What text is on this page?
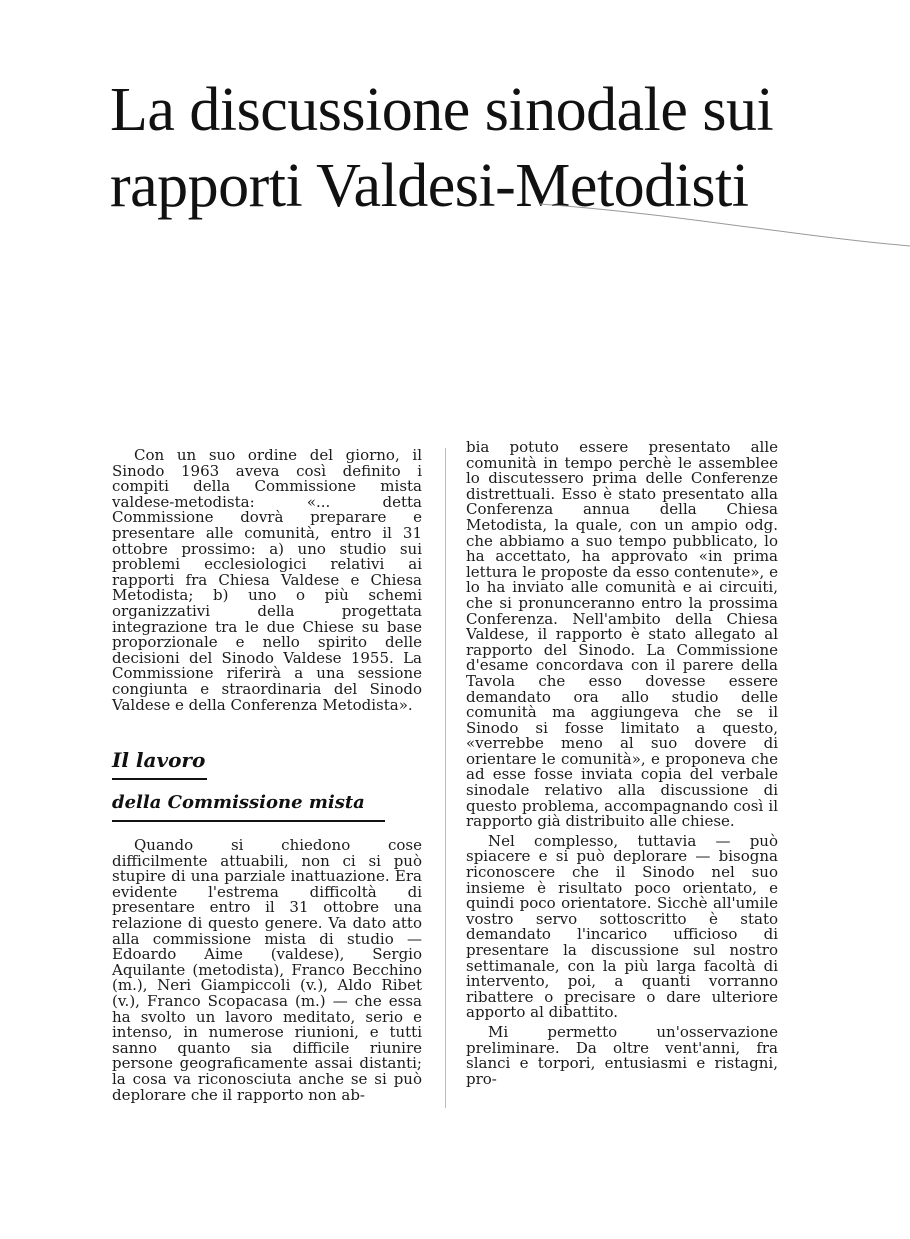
La discussione sinodale sui
rapporti Valdesi-Metodisti

Con un suo ordine del giorno, il Sinodo 1963 aveva così definito i compiti della Commissione mista valdese-metodista: «... detta Commissione dovrà preparare e presentare alle comunità, entro il 31 ottobre prossimo: a) uno studio sui problemi ecclesiologici relativi ai rapporti fra Chiesa Valdese e Chiesa Metodista; b) uno o più schemi organizzativi della progettata integrazione tra le due Chiese su base proporzionale e nello spirito delle decisioni del Sinodo Valdese 1955. La Commissione riferirà a una sessione congiunta e straordinaria del Sinodo Valdese e della Conferenza Metodista».

Il lavoro
della Commissione mista

Quando si chiedono cose difficilmente attuabili, non ci si può stupire di una parziale inattuazione. Era evidente l'estrema difficoltà di presentare entro il 31 ottobre una relazione di questo genere. Va dato atto alla commissione mista di studio — Edoardo Aime (valdese), Sergio Aquilante (metodista), Franco Becchino (m.), Neri Giampiccoli (v.), Aldo Ribet (v.), Franco Scopacasa (m.) — che essa ha svolto un lavoro meditato, serio e intenso, in numerose riunioni, e tutti sanno quanto sia difficile riunire persone geograficamente assai distanti; la cosa va riconosciuta anche se si può deplorare che il rapporto non ab-

bia potuto essere presentato alle comunità in tempo perchè le assemblee lo discutessero prima delle Conferenze distrettuali. Esso è stato presentato alla Conferenza annua della Chiesa Metodista, la quale, con un ampio odg. che abbiamo a suo tempo pubblicato, lo ha accettato, ha approvato «in prima lettura le proposte da esso contenute», e lo ha inviato alle comunità e ai circuiti, che si pronunceranno entro la prossima Conferenza. Nell'ambito della Chiesa Valdese, il rapporto è stato allegato al rapporto del Sinodo. La Commissione d'esame concordava con il parere della Tavola che esso dovesse essere demandato ora allo studio delle comunità ma aggiungeva che se il Sinodo si fosse limitato a questo, «verrebbe meno al suo dovere di orientare le comunità», e proponeva che ad esse fosse inviata copia del verbale sinodale relativo alla discussione di questo problema, accompagnando così il rapporto già distribuito alle chiese.

Nel complesso, tuttavia — può spiacere e si può deplorare — bisogna riconoscere che il Sinodo nel suo insieme è risultato poco orientato, e quindi poco orientatore. Sicchè all'umile vostro servo sottoscritto è stato demandato l'incarico ufficioso di presentare la discussione sul nostro settimanale, con la più larga facoltà di intervento, poi, a quanti vorranno ribattere o precisare o dare ulteriore apporto al dibattito.

Mi permetto un'osservazione preliminare. Da oltre vent'anni, fra slanci e torpori, entusiasmi e ristagni, pro-
